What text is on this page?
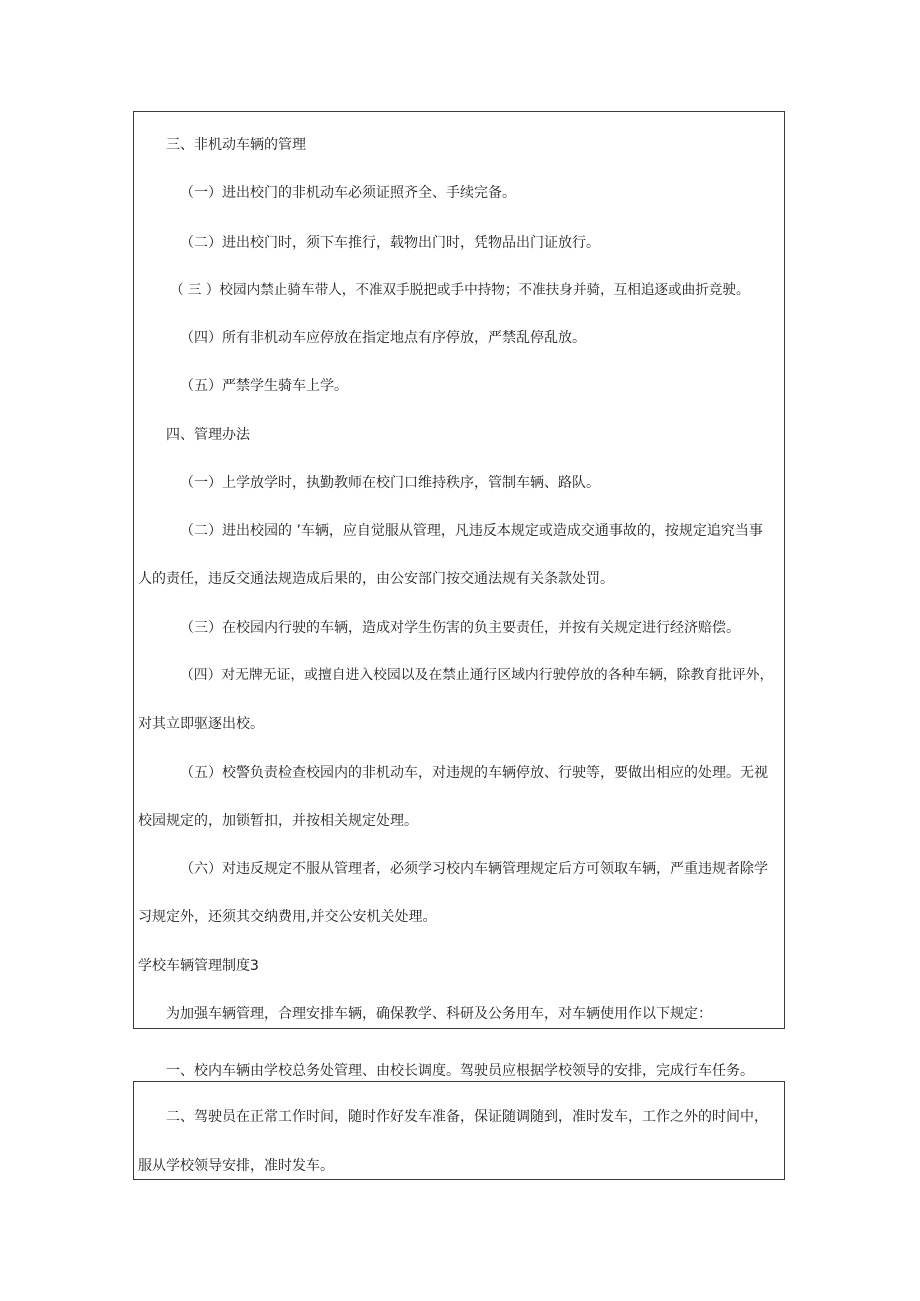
三、非机动车辆的管理
（一）进出校门的非机动车必须证照齐全、手续完备。
（二）进出校门时，须下车推行，载物出门时，凭物品出门证放行。
（ 三 ）校园内禁止骑车带人，不准双手脱把或手中持物；不准扶身并骑，互相追逐或曲折竞驶。
（四）所有非机动车应停放在指定地点有序停放，严禁乱停乱放。
（五）严禁学生骑车上学。
四、管理办法
（一）上学放学时，执勤教师在校门口维持秩序，管制车辆、路队。
（二）进出校园的 ’车辆，应自觉服从管理，凡违反本规定或造成交通事故的，按规定追究当事
人的责任，违反交通法规造成后果的，由公安部门按交通法规有关条款处罚。
（三）在校园内行驶的车辆，造成对学生伤害的负主要责任，并按有关规定进行经济赔偿。
（四）对无牌无证，或擅自进入校园以及在禁止通行区域内行驶停放的各种车辆，除教育批评外，
对其立即驱逐出校。
（五）校警负责检查校园内的非机动车，对违规的车辆停放、行驶等，要做出相应的处理。无视
校园规定的，加锁暂扣，并按相关规定处理。
（六）对违反规定不服从管理者，必须学习校内车辆管理规定后方可领取车辆，严重违规者除学
习规定外，还须其交纳费用,并交公安机关处理。
学校车辆管理制度3
为加强车辆管理，合理安排车辆，确保教学、科研及公务用车，对车辆使用作以下规定：
一、校内车辆由学校总务处管理、由校长调度。驾驶员应根据学校领导的安排，完成行车任务。
二、驾驶员在正常工作时间，随时作好发车准备，保证随调随到，准时发车，工作之外的时间中，
服从学校领导安排，准时发车。
